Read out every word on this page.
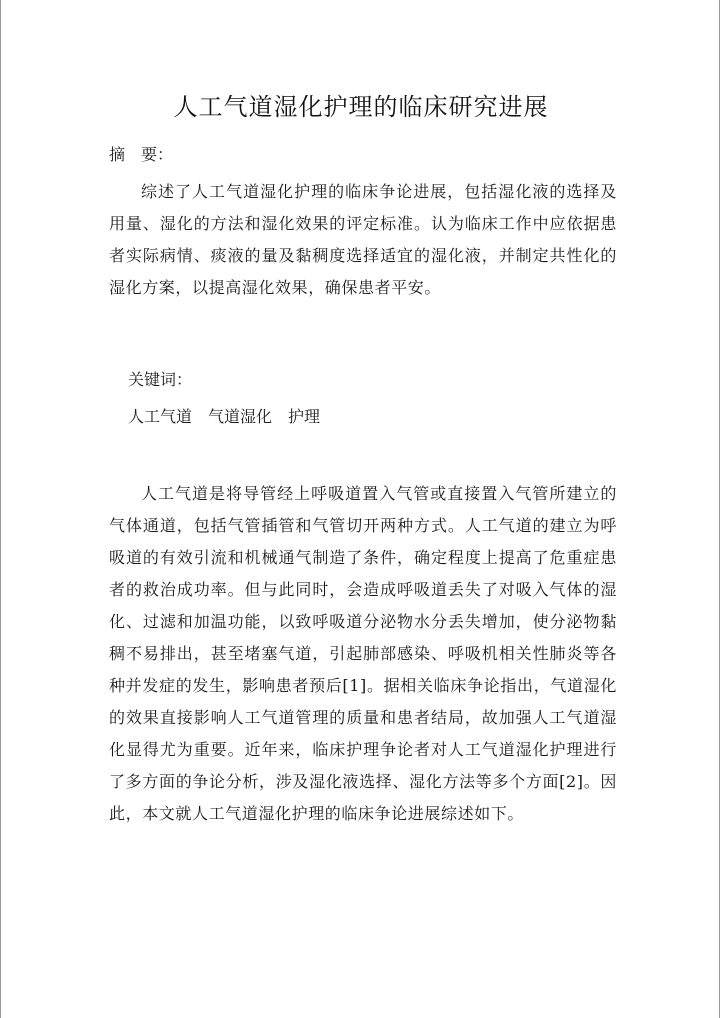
人工气道湿化护理的临床研究进展
摘　要：

综述了人工气道湿化护理的临床争论进展，包括湿化液的选择及用量、湿化的方法和湿化效果的评定标准。认为临床工作中应依据患者实际病情、痰液的量及黏稠度选择适宜的湿化液，并制定共性化的湿化方案，以提高湿化效果，确保患者平安。

关键词：
人工气道　气道湿化　护理

人工气道是将导管经上呼吸道置入气管或直接置入气管所建立的气体通道，包括气管插管和气管切开两种方式。人工气道的建立为呼吸道的有效引流和机械通气制造了条件，确定程度上提高了危重症患者的救治成功率。但与此同时，会造成呼吸道丢失了对吸入气体的湿化、过滤和加温功能，以致呼吸道分泌物水分丢失增加，使分泌物黏稠不易排出，甚至堵塞气道，引起肺部感染、呼吸机相关性肺炎等各种并发症的发生，影响患者预后[1]。据相关临床争论指出，气道湿化的效果直接影响人工气道管理的质量和患者结局，故加强人工气道湿化显得尤为重要。近年来，临床护理争论者对人工气道湿化护理进行了多方面的争论分析，涉及湿化液选择、湿化方法等多个方面[2]。因此，本文就人工气道湿化护理的临床争论进展综述如下。
